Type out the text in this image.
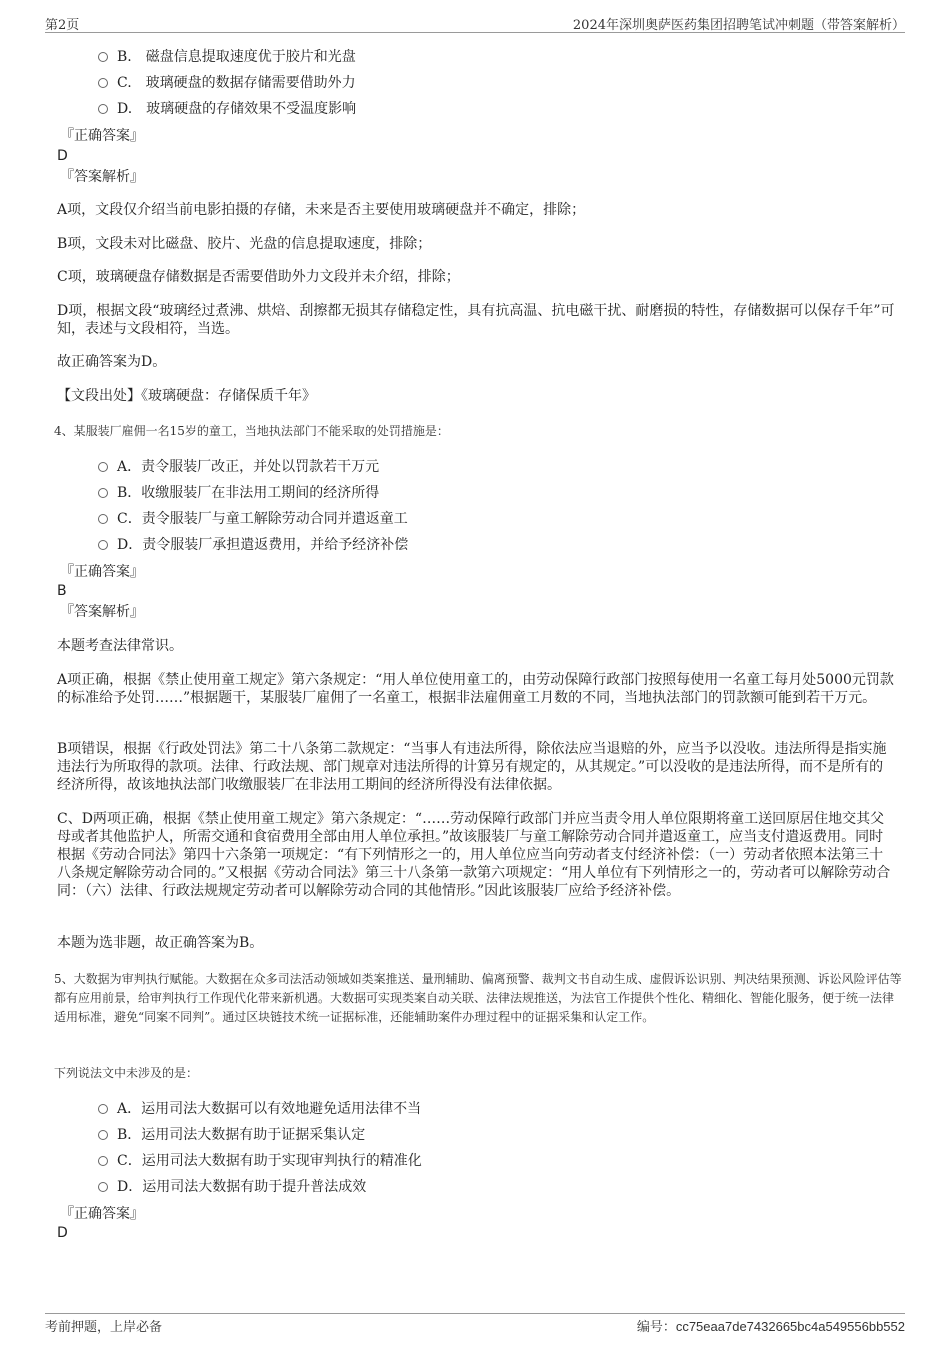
第2页	2024年深圳奥萨医药集团招聘笔试冲刺题（带答案解析）
B.　磁盘信息提取速度优于胶片和光盘
C.　玻璃硬盘的数据存储需要借助外力
D.　玻璃硬盘的存储效果不受温度影响
『正确答案』
D
『答案解析』
A项，文段仅介绍当前电影拍摄的存储，未来是否主要使用玻璃硬盘并不确定，排除；
B项，文段未对比磁盘、胶片、光盘的信息提取速度，排除；
C项，玻璃硬盘存储数据是否需要借助外力文段并未介绍，排除；
D项，根据文段“玻璃经过煮沸、烘焙、刮擦都无损其存储稳定性，具有抗高温、抗电磁干扰、耐磨损的特性，存储数据可以保存千年”可知，表述与文段相符，当选。
故正确答案为D。
【文段出处】《玻璃硬盘：存储保质千年》
4、某服装厂雇佣一名15岁的童工，当地执法部门不能采取的处罚措施是：
A．责令服装厂改正，并处以罚款若干万元
B．收缴服装厂在非法用工期间的经济所得
C．责令服装厂与童工解除劳动合同并遣返童工
D．责令服装厂承担遣返费用，并给予经济补偿
『正确答案』
B
『答案解析』
本题考查法律常识。
A项正确，根据《禁止使用童工规定》第六条规定：“用人单位使用童工的，由劳动保障行政部门按照每使用一名童工每月处5000元罚款的标准给予处罚……”根据题干，某服装厂雇佣了一名童工，根据非法雇佣童工月数的不同，当地执法部门的罚款额可能到若干万元。
B项错误，根据《行政处罚法》第二十八条第二款规定：“当事人有违法所得，除依法应当退赔的外，应当予以没收。违法所得是指实施违法行为所取得的款项。法律、行政法规、部门规章对违法所得的计算另有规定的，从其规定。”可以没收的是违法所得，而不是所有的经济所得，故该地执法部门收缴服装厂在非法用工期间的经济所得没有法律依据。
C、D两项正确，根据《禁止使用童工规定》第六条规定：“……劳动保障行政部门并应当责令用人单位限期将童工送回原居住地交其父母或者其他监护人，所需交通和食宿费用全部由用人单位承担。”故该服装厂与童工解除劳动合同并遣返童工，应当支付遣返费用。同时根据《劳动合同法》第四十六条第一项规定：“有下列情形之一的，用人单位应当向劳动者支付经济补偿：（一）劳动者依照本法第三十八条规定解除劳动合同的。”又根据《劳动合同法》第三十八条第一款第六项规定：“用人单位有下列情形之一的，劳动者可以解除劳动合同：（六）法律、行政法规规定劳动者可以解除劳动合同的其他情形。”因此该服装厂应给予经济补偿。
本题为选非题，故正确答案为B。
5、大数据为审判执行赋能。大数据在众多司法活动领域如类案推送、量刑辅助、偏离预警、裁判文书自动生成、虚假诉讼识别、判决结果预测、诉讼风险评估等都有应用前景，给审判执行工作现代化带来新机遇。大数据可实现类案自动关联、法律法规推送，为法官工作提供个性化、精细化、智能化服务，便于统一法律适用标准，避免“同案不同判”。通过区块链技术统一证据标准，还能辅助案件办理过程中的证据采集和认定工作。
下列说法文中未涉及的是：
A．运用司法大数据可以有效地避免适用法律不当
B．运用司法大数据有助于证据采集认定
C．运用司法大数据有助于实现审判执行的精准化
D．运用司法大数据有助于提升普法成效
『正确答案』
D
考前押题，上岸必备	编号：cc75eaa7de7432665bc4a549556bb552
